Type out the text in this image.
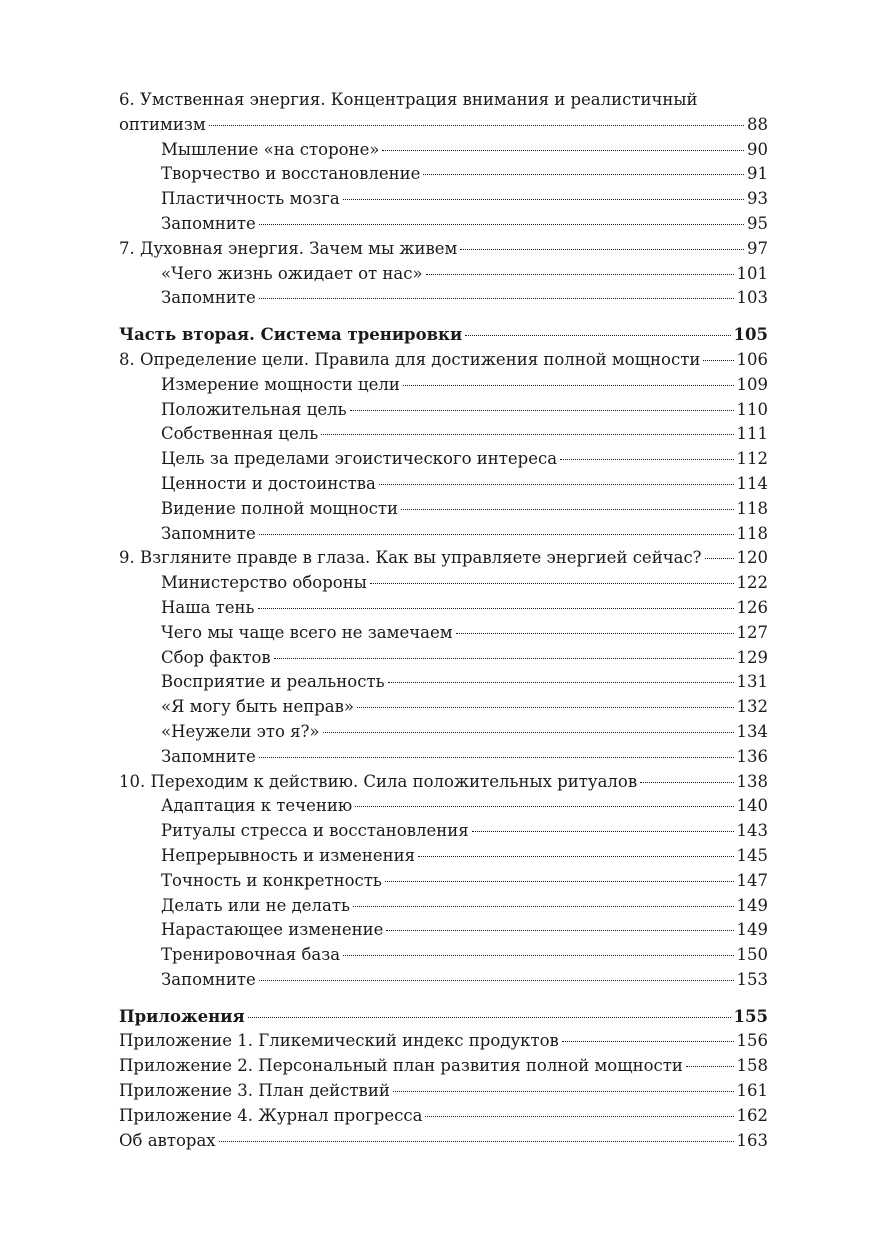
6. Умственная энергия. Концентрация внимания и реалистичный
оптимизм	88
Мышление «на стороне»	90
Творчество и восстановление	91
Пластичность мозга	93
Запомните	95
7. Духовная энергия. Зачем мы живем	97
«Чего жизнь ожидает от нас»	101
Запомните	103
Часть вторая. Система тренировки	105
8. Определение цели. Правила для достижения полной мощности 106
Измерение мощности цели	109
Положительная цель	110
Собственная цель	111
Цель за пределами эгоистического интереса	112
Ценности и достоинства	114
Видение полной мощности	118
Запомните	118
9. Взгляните правде в глаза. Как вы управляете энергией сейчас? 120
Министерство обороны	122
Наша тень	126
Чего мы чаще всего не замечаем	127
Сбор фактов	129
Восприятие и реальность	131
«Я могу быть неправ»	132
«Неужели это я?»	134
Запомните	136
10. Переходим к действию. Сила положительных ритуалов	138
Адаптация к течению	140
Ритуалы стресса и восстановления	143
Непрерывность и изменения	145
Точность и конкретность	147
Делать или не делать	149
Нарастающее изменение	149
Тренировочная база	150
Запомните	153
Приложения	155
Приложение 1. Гликемический индекс продуктов	156
Приложение 2. Персональный план развития полной мощности	158
Приложение 3. План действий	161
Приложение 4. Журнал прогресса	162
Об авторах	163
